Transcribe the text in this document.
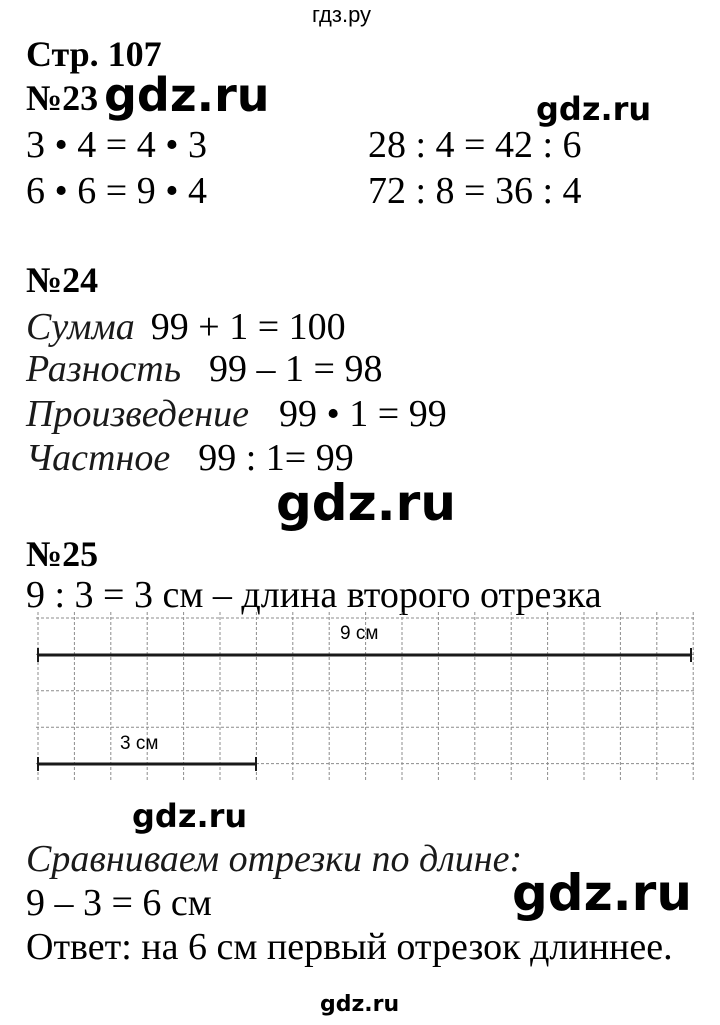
гдз.ру
Стр. 107
№23 gdz.ru	gdz.ru
3 • 4 = 4 • 3	28 : 4 = 42 : 6
6 • 6 = 9 • 4	72 : 8 = 36 : 4
№24
Сумма 99 + 1 = 100
Разность 99 – 1 = 98
Произведение 99 • 1 = 99
Частное 99 : 1= 99
gdz.ru
№25
9 : 3 = 3 см – длина второго отрезка
9 см
3 см
gdz.ru
Сравниваем отрезки по длине:
9 – 3 = 6 см	gdz.ru
Ответ: на 6 см первый отрезок длиннее.
gdz.ru
